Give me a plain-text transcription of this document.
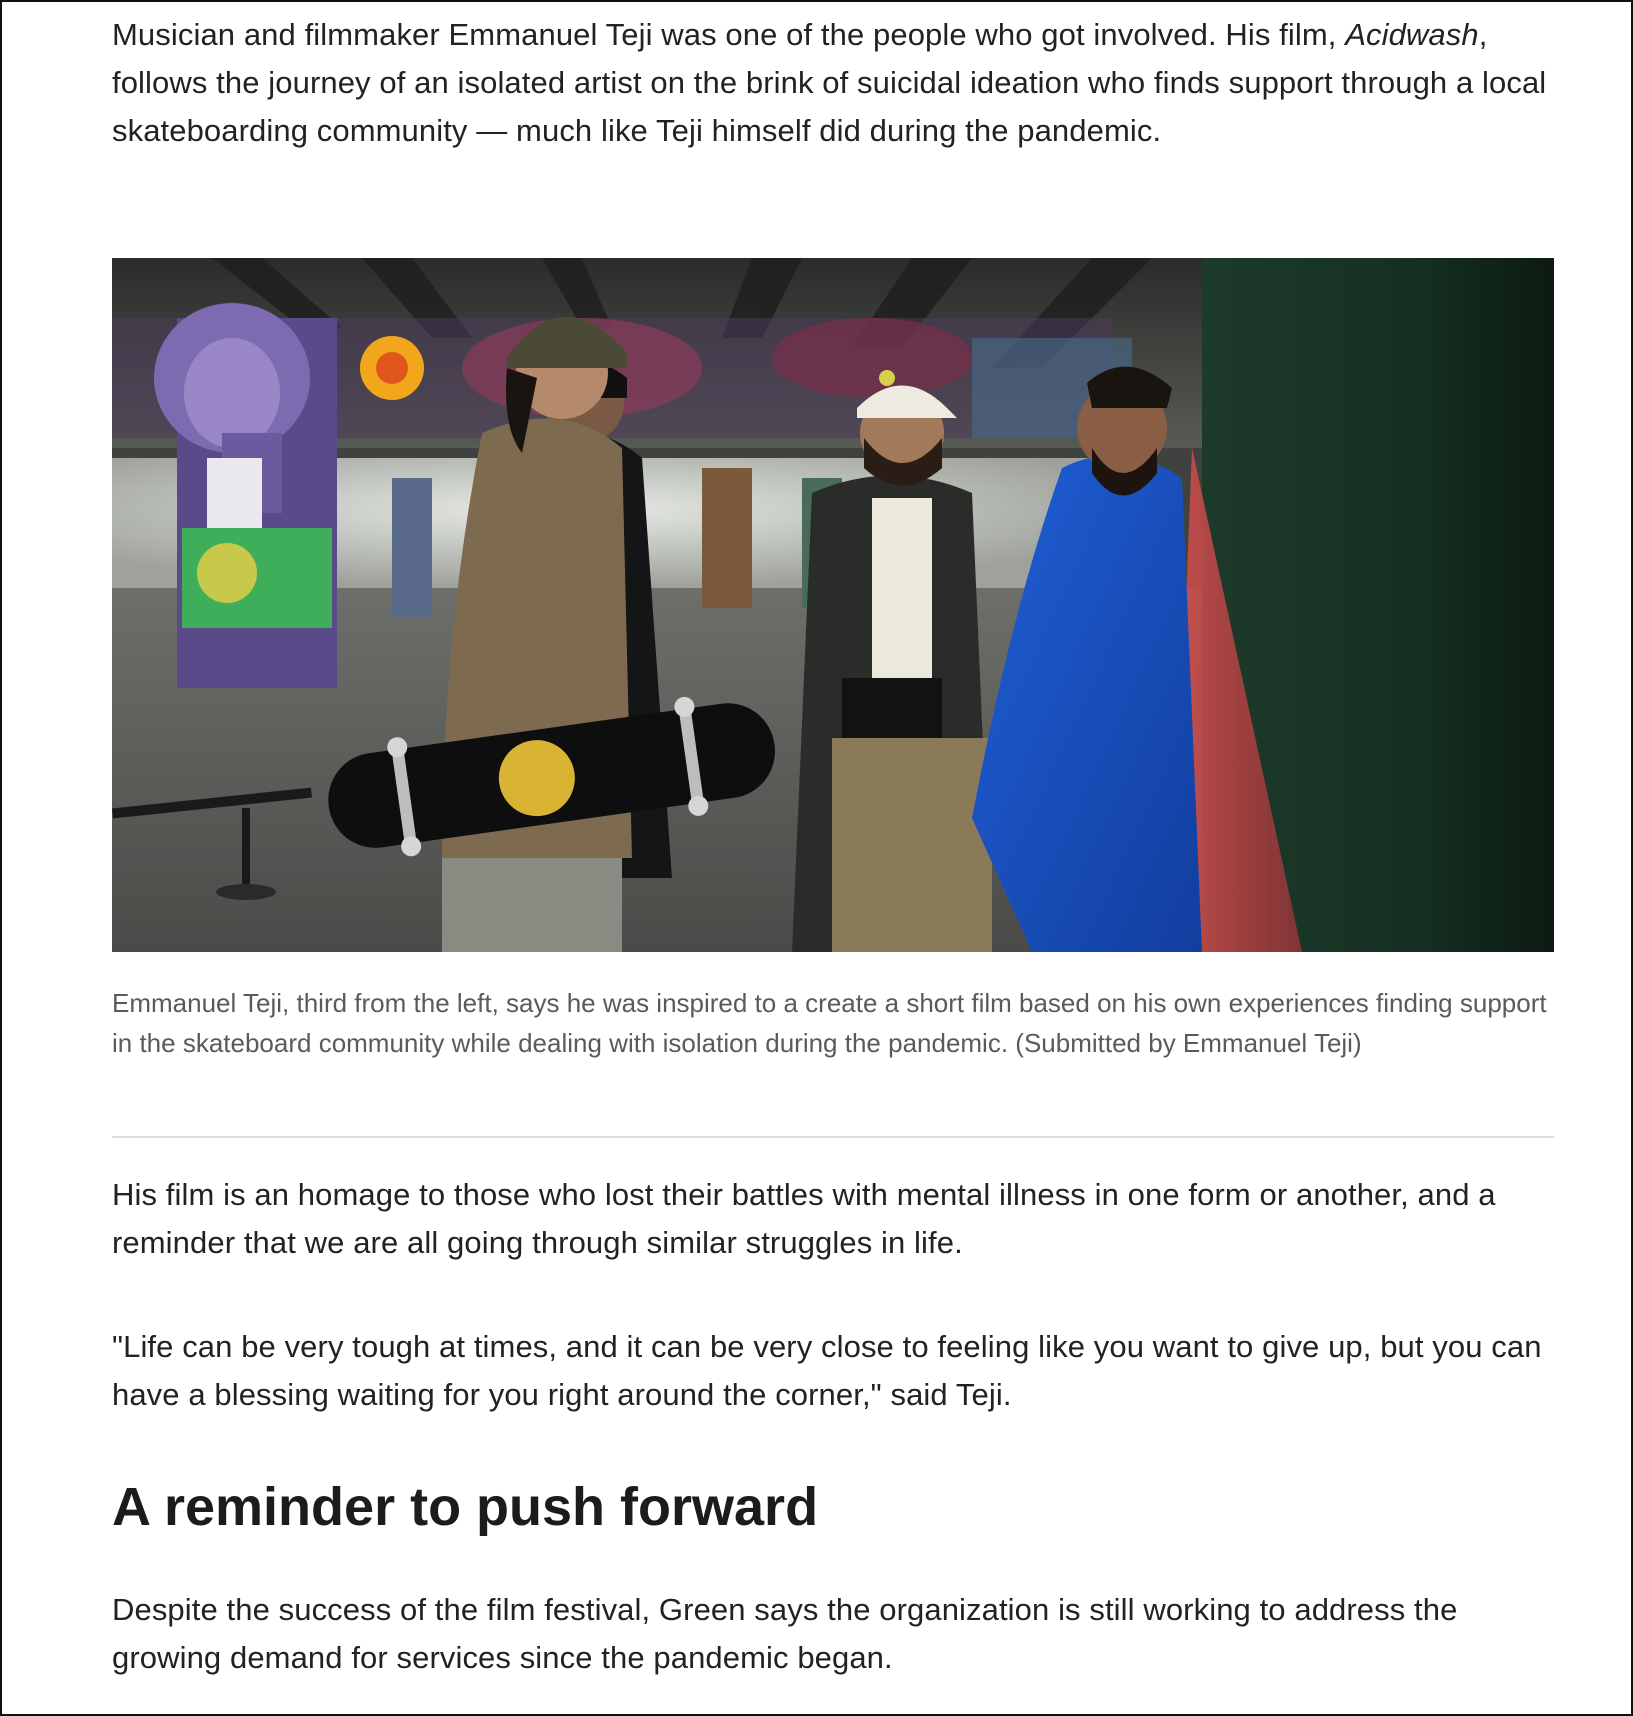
Musician and filmmaker Emmanuel Teji was one of the people who got involved. His film, Acidwash, follows the journey of an isolated artist on the brink of suicidal ideation who finds support through a local skateboarding community — much like Teji himself did during the pandemic.

Emmanuel Teji, third from the left, says he was inspired to a create a short film based on his own experiences finding support in the skateboard community while dealing with isolation during the pandemic. (Submitted by Emmanuel Teji)

His film is an homage to those who lost their battles with mental illness in one form or another, and a reminder that we are all going through similar struggles in life.

"Life can be very tough at times, and it can be very close to feeling like you want to give up, but you can have a blessing waiting for you right around the corner," said Teji.

A reminder to push forward

Despite the success of the film festival, Green says the organization is still working to address the growing demand for services since the pandemic began.
